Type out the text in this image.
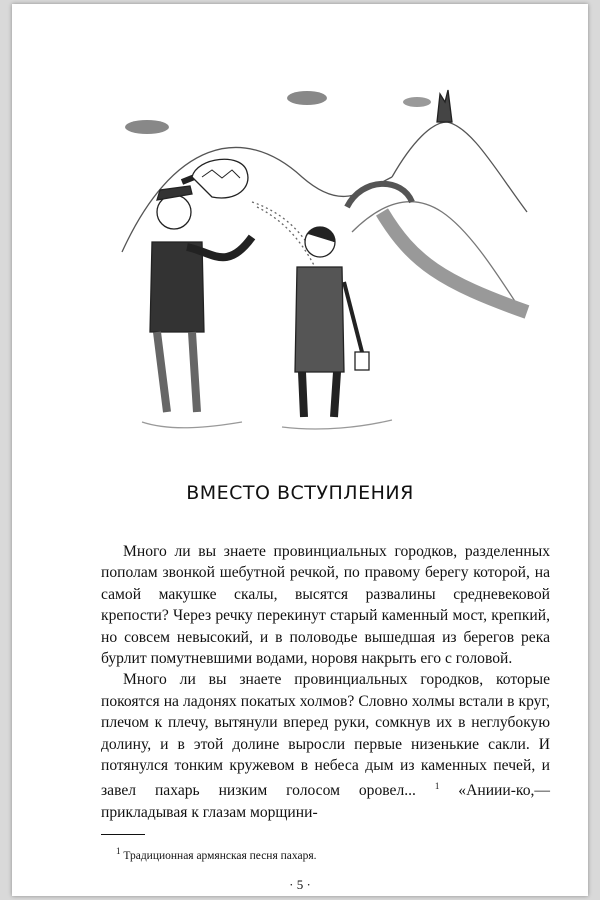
ВМЕСТО ВСТУПЛЕНИЯ

Много ли вы знаете провинциальных городков, разделенных пополам звонкой шебутной речкой, по правому берегу которой, на самой макушке скалы, высятся развалины средневековой крепости? Через речку перекинут старый каменный мост, крепкий, но совсем невысокий, и в половодье вышедшая из берегов река бурлит помутневшими водами, норовя накрыть его с головой.

Много ли вы знаете провинциальных городков, которые покоятся на ладонях покатых холмов? Словно холмы встали в круг, плечом к плечу, вытянули вперед руки, сомкнув их в неглубокую долину, и в этой долине выросли первые низенькие сакли. И потянулся тонким кружевом в небеса дым из каменных печей, и завел пахарь низким голосом оровел... $^1$ «Аниии-ко,— прикладывая к глазам морщини-

$^1$ Традиционная армянская песня пахаря.
· 5 ·
